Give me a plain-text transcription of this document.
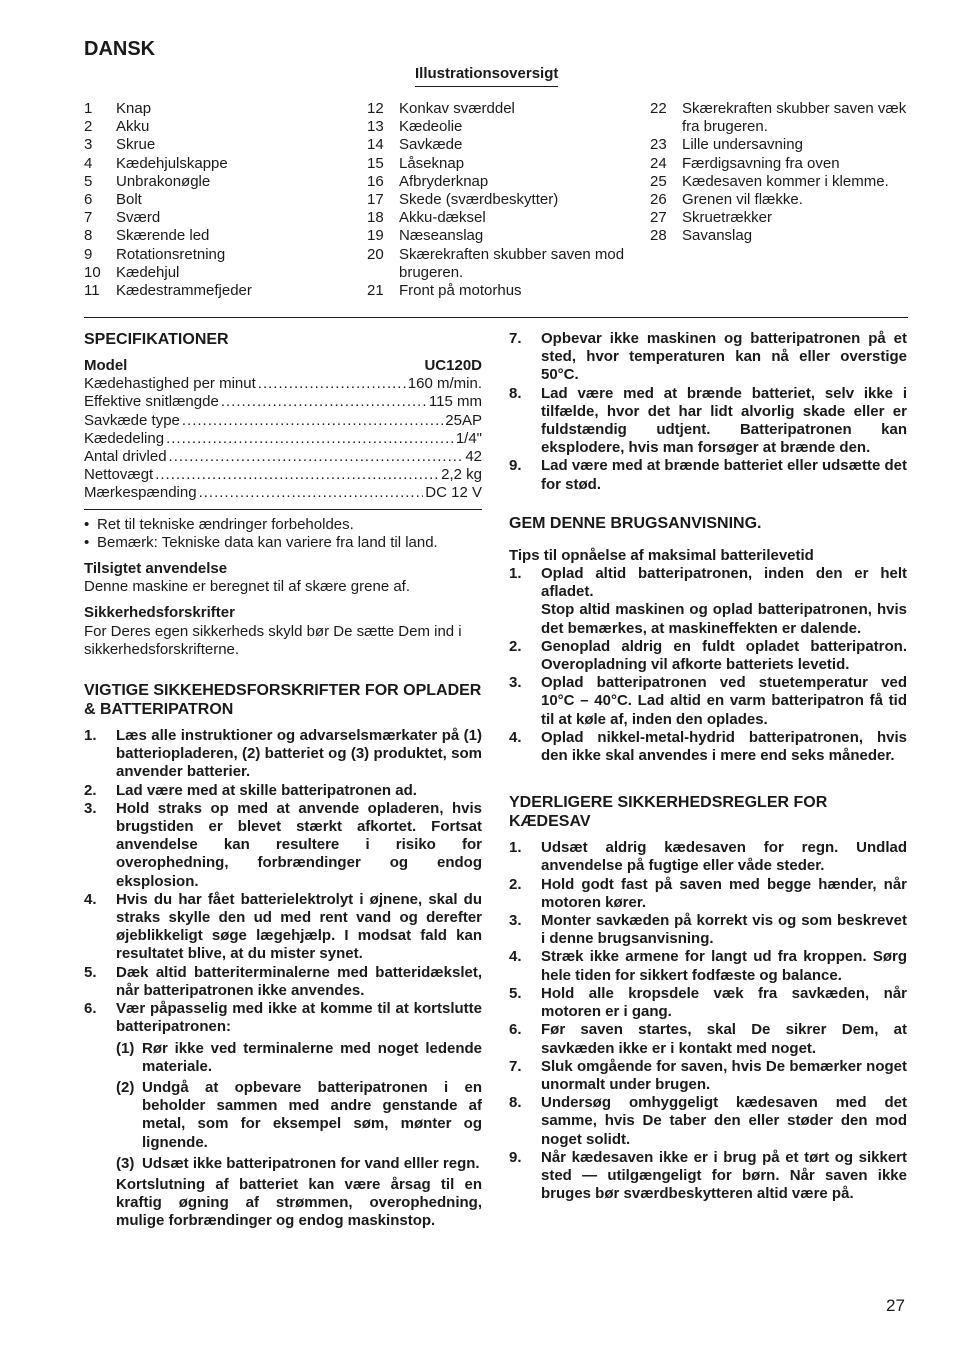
DANSK
Illustrationsoversigt
1	Knap
2	Akku
3	Skrue
4	Kædehjulskappe
5	Unbrakonøgle
6	Bolt
7	Sværd
8	Skærende led
9	Rotationsretning
10	Kædehjul
11	Kædestrammefjeder
12	Konkav sværddel
13	Kædeolie
14	Savkæde
15	Låseknap
16	Afbryderknap
17	Skede (sværdbeskytter)
18	Akku-dæksel
19	Næseanslag
20	Skærekraften skubber saven mod brugeren.
21	Front på motorhus
22	Skærekraften skubber saven væk fra brugeren.
23	Lille undersavning
24	Færdigsavning fra oven
25	Kædesaven kommer i klemme.
26	Grenen vil flække.
27	Skruetrækker
28	Savanslag
SPECIFIKATIONER
Model	UC120D
Kædehastighed per minut .....	160 m/min.
Effektive snitlængde .....	115 mm
Savkæde type .....	25AP
Kædedeling .....	1/4"
Antal drivled .....	42
Nettovægt .....	2,2 kg
Mærkespænding .....	DC 12 V
• Ret til tekniske ændringer forbeholdes.
• Bemærk: Tekniske data kan variere fra land til land.
Tilsigtet anvendelse
Denne maskine er beregnet til af skære grene af.
Sikkerhedsforskrifter
For Deres egen sikkerheds skyld bør De sætte Dem ind i sikkerhedsforskrifterne.
VIGTIGE SIKKEHEDSFORSKRIFTER FOR OPLADER & BATTERIPATRON
1.	Læs alle instruktioner og advarselsmærkater på (1) batteriopladeren, (2) batteriet og (3) produktet, som anvender batterier.
2.	Lad være med at skille batteripatronen ad.
3.	Hold straks op med at anvende opladeren, hvis brugstiden er blevet stærkt afkortet. Fortsat anvendelse kan resultere i risiko for overophedning, forbrændinger og endog eksplosion.
4.	Hvis du har fået batterielektrolyt i øjnene, skal du straks skylle den ud med rent vand og derefter øjeblikkeligt søge lægehjælp. I modsat fald kan resultatet blive, at du mister synet.
5.	Dæk altid batteriterminalerne med batteridækslet, når batteripatronen ikke anvendes.
6.	Vær påpasselig med ikke at komme til at kortslutte batteripatronen:
(1) Rør ikke ved terminalerne med noget ledende materiale.
(2) Undgå at opbevare batteripatronen i en beholder sammen med andre genstande af metal, som for eksempel søm, mønter og lignende.
(3) Udsæt ikke batteripatronen for vand elller regn.
Kortslutning af batteriet kan være årsag til en kraftig øgning af strømmen, overophedning, mulige forbrændinger og endog maskinstop.
7.	Opbevar ikke maskinen og batteripatronen på et sted, hvor temperaturen kan nå eller overstige 50°C.
8.	Lad være med at brænde batteriet, selv ikke i tilfælde, hvor det har lidt alvorlig skade eller er fuldstændig udtjent. Batteripatronen kan eksplodere, hvis man forsøger at brænde den.
9.	Lad være med at brænde batteriet eller udsætte det for stød.
GEM DENNE BRUGSANVISNING.
Tips til opnåelse af maksimal batterilevetid
1.	Oplad altid batteripatronen, inden den er helt afladet.
Stop altid maskinen og oplad batteripatronen, hvis det bemærkes, at maskineffekten er dalende.
2.	Genoplad aldrig en fuldt opladet batteripatron. Overopladning vil afkorte batteriets levetid.
3.	Oplad batteripatronen ved stuetemperatur ved 10°C – 40°C. Lad altid en varm batteripatron få tid til at køle af, inden den oplades.
4.	Oplad nikkel-metal-hydrid batteripatronen, hvis den ikke skal anvendes i mere end seks måneder.
YDERLIGERE SIKKERHEDSREGLER FOR KÆDESAV
1.	Udsæt aldrig kædesaven for regn. Undlad anvendelse på fugtige eller våde steder.
2.	Hold godt fast på saven med begge hænder, når motoren kører.
3.	Monter savkæden på korrekt vis og som beskrevet i denne brugsanvisning.
4.	Stræk ikke armene for langt ud fra kroppen. Sørg hele tiden for sikkert fodfæste og balance.
5.	Hold alle kropsdele væk fra savkæden, når motoren er i gang.
6.	Før saven startes, skal De sikrer Dem, at savkæden ikke er i kontakt med noget.
7.	Sluk omgående for saven, hvis De bemærker noget unormalt under brugen.
8.	Undersøg omhyggeligt kædesaven med det samme, hvis De taber den eller støder den mod noget solidt.
9.	Når kædesaven ikke er i brug på et tørt og sikkert sted — utilgængeligt for børn. Når saven ikke bruges bør sværdbeskytteren altid være på.
27
